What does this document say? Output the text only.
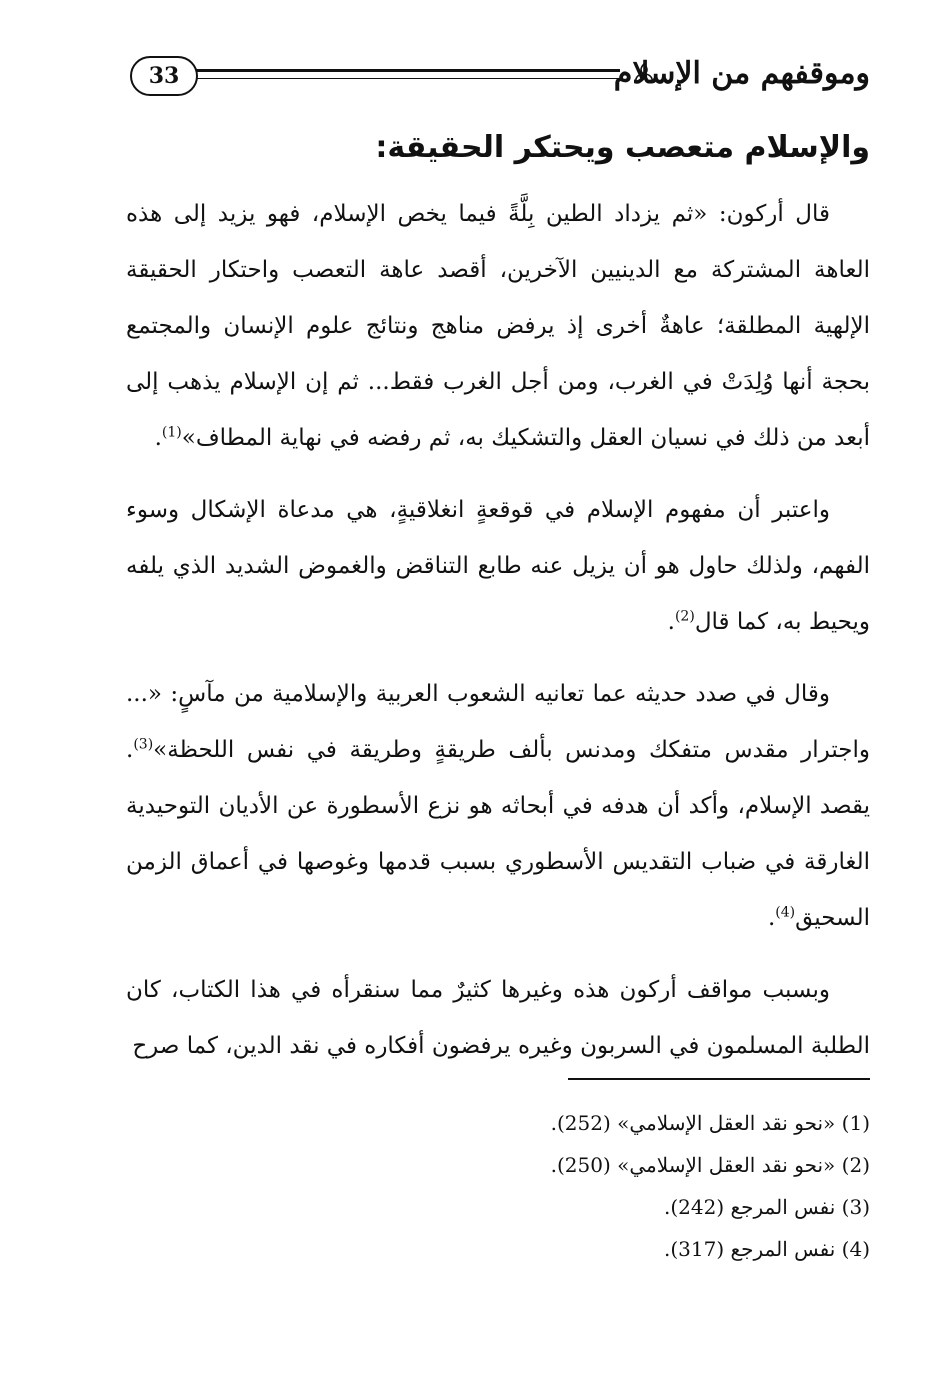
33	وموقفهم من الإسلام
والإسلام متعصب ويحتكر الحقيقة:

قال أركون: «ثم يزداد الطين بِلَّةً فيما يخص الإسلام، فهو يزيد إلى هذه العاهة المشتركة مع الدينيين الآخرين، أقصد عاهة التعصب واحتكار الحقيقة الإلهية المطلقة؛ عاهةٌ أخرى إذ يرفض مناهج ونتائج علوم الإنسان والمجتمع بحجة أنها وُلِدَتْ في الغرب، ومن أجل الغرب فقط... ثم إن الإسلام يذهب إلى أبعد من ذلك في نسيان العقل والتشكيك به، ثم رفضه في نهاية المطاف»$^{(1)}$.

واعتبر أن مفهوم الإسلام في قوقعةٍ انغلاقيةٍ، هي مدعاة الإشكال وسوء الفهم، ولذلك حاول هو أن يزيل عنه طابع التناقض والغموض الشديد الذي يلفه ويحيط به، كما قال$^{(2)}$.

وقال في صدد حديثه عما تعانيه الشعوب العربية والإسلامية من مآسٍ: «... واجترار مقدس متفكك ومدنس بألف طريقةٍ وطريقة في نفس اللحظة»$^{(3)}$. يقصد الإسلام، وأكد أن هدفه في أبحاثه هو نزع الأسطورة عن الأديان التوحيدية الغارقة في ضباب التقديس الأسطوري بسبب قدمها وغوصها في أعماق الزمن السحيق$^{(4)}$.

وبسبب مواقف أركون هذه وغيرها كثيرٌ مما سنقرأه في هذا الكتاب، كان الطلبة المسلمون في السربون وغيره يرفضون أفكاره في نقد الدين، كما صرح

(1) «نحو نقد العقل الإسلامي» (252).

(2) «نحو نقد العقل الإسلامي» (250).

(3) نفس المرجع (242).

(4) نفس المرجع (317).
